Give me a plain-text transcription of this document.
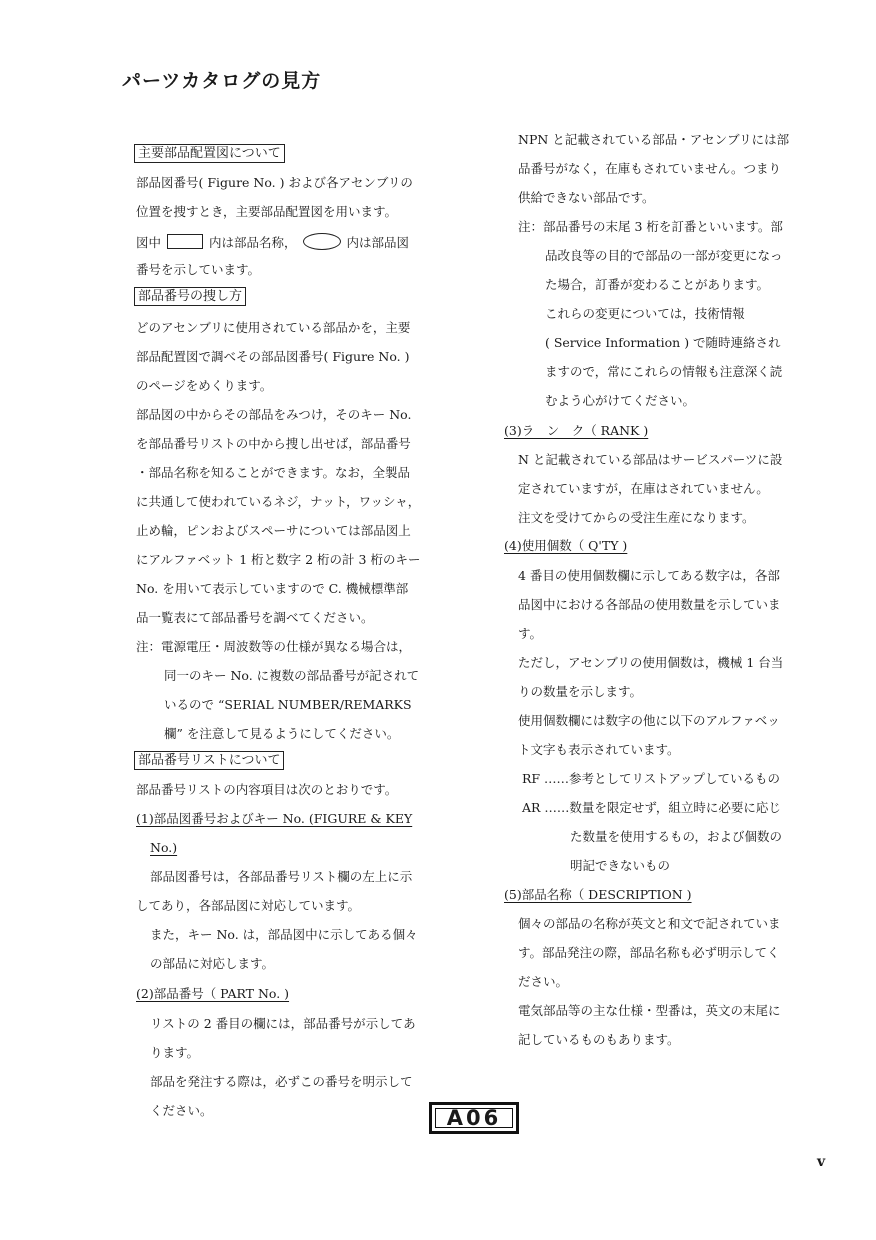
パーツカタログの見方
主要部品配置図について
部品図番号( Figure No. ) および各アセンブリの
位置を捜すとき，主要部品配置図を用います。
図中	内は部品名称，	内は部品図
番号を示しています。
部品番号の捜し方
どのアセンブリに使用されている部品かを，主要
部品配置図で調べその部品図番号( Figure No. )
のページをめくります。
部品図の中からその部品をみつけ，そのキー No.
を部品番号リストの中から捜し出せば，部品番号
・部品名称を知ることができます。なお，全製品
に共通して使われているネジ，ナット，ワッシャ，
止め輪，ピンおよびスペーサについては部品図上
にアルファベット 1 桁と数字 2 桁の計 3 桁のキー
No. を用いて表示していますので C. 機械標準部
品一覧表にて部品番号を調べてください。
注：電源電圧・周波数等の仕様が異なる場合は，
同一のキー No. に複数の部品番号が記されて
いるので “SERIAL NUMBER/REMARKS
欄” を注意して見るようにしてください。
部品番号リストについて
部品番号リストの内容項目は次のとおりです。
(1)部品図番号およびキー No. (FIGURE & KEY
No.)
部品図番号は，各部品番号リスト欄の左上に示
してあり，各部品図に対応しています。
また，キー No. は，部品図中に示してある個々
の部品に対応します。
(2)部品番号（ PART No. )
リストの 2 番目の欄には，部品番号が示してあ
ります。
部品を発注する際は，必ずこの番号を明示して
ください。
NPN と記載されている部品・アセンブリには部
品番号がなく，在庫もされていません。つまり
供給できない部品です。
注：部品番号の末尾 3 桁を訂番といいます。部
品改良等の目的で部品の一部が変更になっ
た場合，訂番が変わることがあります。
これらの変更については，技術情報
( Service Information ) で随時連絡され
ますので，常にこれらの情報も注意深く読
むよう心がけてください。
(3)ラ　ン　ク（ RANK )
N と記載されている部品はサービスパーツに設
定されていますが，在庫はされていません。
注文を受けてからの受注生産になります。
(4)使用個数（ Q'TY )
4 番目の使用個数欄に示してある数字は，各部
品図中における各部品の使用数量を示していま
す。
ただし，アセンブリの使用個数は，機械 1 台当
りの数量を示します。
使用個数欄には数字の他に以下のアルファベッ
ト文字も表示されています。
RF ……参考としてリストアップしているもの
AR ……数量を限定せず，組立時に必要に応じ
た数量を使用するもの，および個数の
明記できないもの
(5)部品名称（ DESCRIPTION )
個々の部品の名称が英文と和文で記されていま
す。部品発注の際，部品名称も必ず明示してく
ださい。
電気部品等の主な仕様・型番は，英文の末尾に
記しているものもあります。
A06
v
